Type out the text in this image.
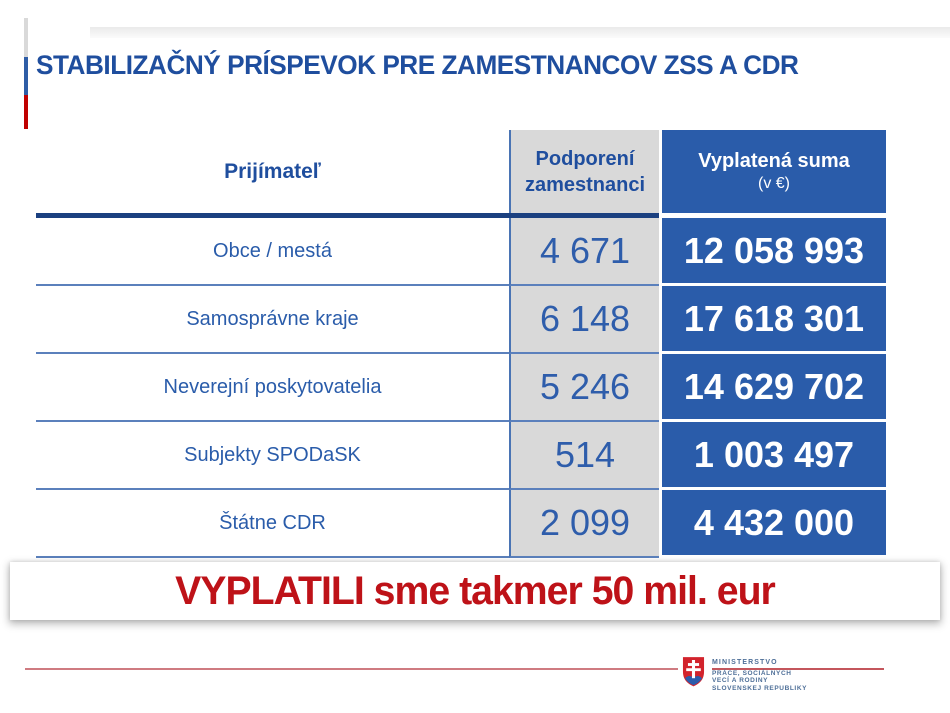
STABILIZAČNÝ PRÍSPEVOK PRE ZAMESTNANCOV ZSS A CDR
Prijímateľ
Podporení zamestnanci
Vyplatená suma
(v €)
Obce / mestá	4 671	12 058 993
Samosprávne kraje	6 148	17 618 301
Neverejní poskytovatelia	5 246	14 629 702
Subjekty SPODaSK	514	1 003 497
Štátne CDR	2 099	4 432 000
VYPLATILI sme takmer 50 mil. eur
MINISTERSTVO
PRÁCE, SOCIÁLNYCH
VECÍ A RODINY
SLOVENSKEJ REPUBLIKY
